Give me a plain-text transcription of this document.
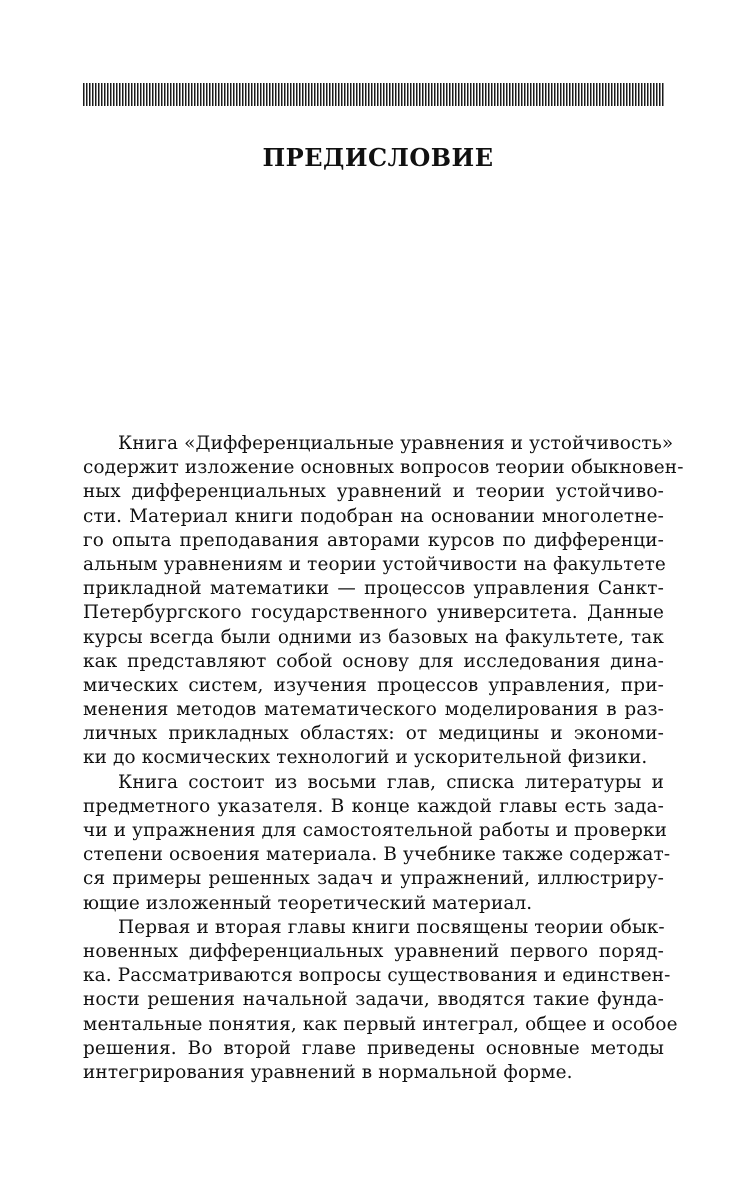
ПРЕДИСЛОВИЕ
Книга «Дифференциальные уравнения и устойчивость»
содержит изложение основных вопросов теории обыкновен-
ных дифференциальных уравнений и теории устойчиво-
сти. Материал книги подобран на основании многолетне-
го опыта преподавания авторами курсов по дифференци-
альным уравнениям и теории устойчивости на факультете
прикладной математики — процессов управления Санкт-
Петербургского государственного университета. Данные
курсы всегда были одними из базовых на факультете, так
как представляют собой основу для исследования дина-
мических систем, изучения процессов управления, при-
менения методов математического моделирования в раз-
личных прикладных областях: от медицины и экономи-
ки до космических технологий и ускорительной физики.
Книга состоит из восьми глав, списка литературы и
предметного указателя. В конце каждой главы есть зада-
чи и упражнения для самостоятельной работы и проверки
степени освоения материала. В учебнике также содержат-
ся примеры решенных задач и упражнений, иллюстриру-
ющие изложенный теоретический материал.
Первая и вторая главы книги посвящены теории обык-
новенных дифференциальных уравнений первого поряд-
ка. Рассматриваются вопросы существования и единствен-
ности решения начальной задачи, вводятся такие фунда-
ментальные понятия, как первый интеграл, общее и особое
решения. Во второй главе приведены основные методы
интегрирования уравнений в нормальной форме.
